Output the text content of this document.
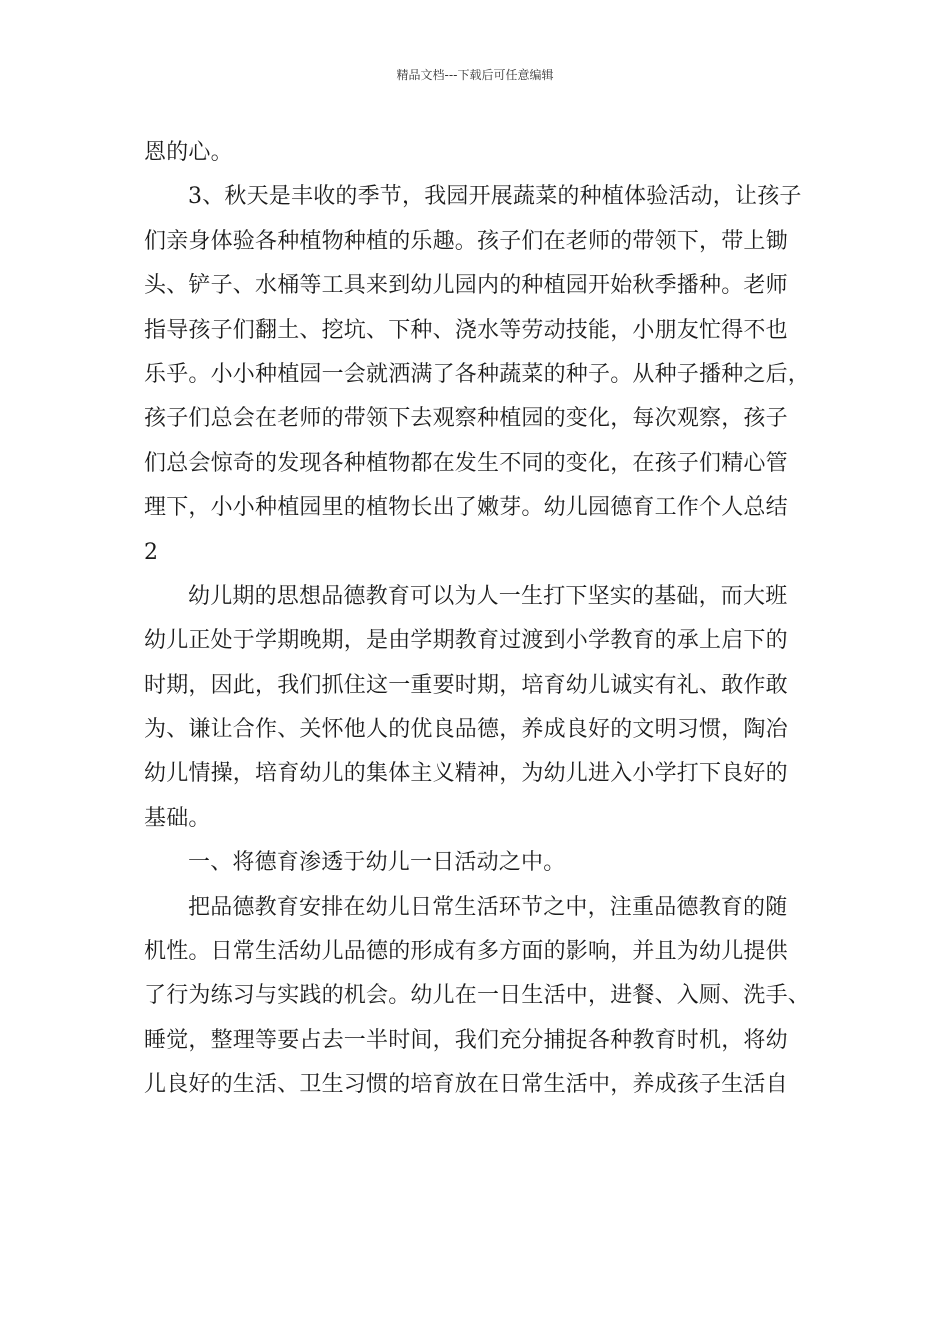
精品文档---下载后可任意编辑
恩的心。
3、秋天是丰收的季节，我园开展蔬菜的种植体验活动，让孩子
们亲身体验各种植物种植的乐趣。孩子们在老师的带领下，带上锄
头、铲子、水桶等工具来到幼儿园内的种植园开始秋季播种。老师
指导孩子们翻土、挖坑、下种、浇水等劳动技能，小朋友忙得不也
乐乎。小小种植园一会就洒满了各种蔬菜的种子。从种子播种之后，
孩子们总会在老师的带领下去观察种植园的变化，每次观察，孩子
们总会惊奇的发现各种植物都在发生不同的变化，在孩子们精心管
理下，小小种植园里的植物长出了嫩芽。幼儿园德育工作个人总结
2
幼儿期的思想品德教育可以为人一生打下坚实的基础，而大班
幼儿正处于学期晚期，是由学期教育过渡到小学教育的承上启下的
时期，因此，我们抓住这一重要时期，培育幼儿诚实有礼、敢作敢
为、谦让合作、关怀他人的优良品德，养成良好的文明习惯，陶冶
幼儿情操，培育幼儿的集体主义精神，为幼儿进入小学打下良好的
基础。
一、将德育渗透于幼儿一日活动之中。
把品德教育安排在幼儿日常生活环节之中，注重品德教育的随
机性。日常生活幼儿品德的形成有多方面的影响，并且为幼儿提供
了行为练习与实践的机会。幼儿在一日生活中，进餐、入厕、洗手、
睡觉，整理等要占去一半时间，我们充分捕捉各种教育时机，将幼
儿良好的生活、卫生习惯的培育放在日常生活中，养成孩子生活自
